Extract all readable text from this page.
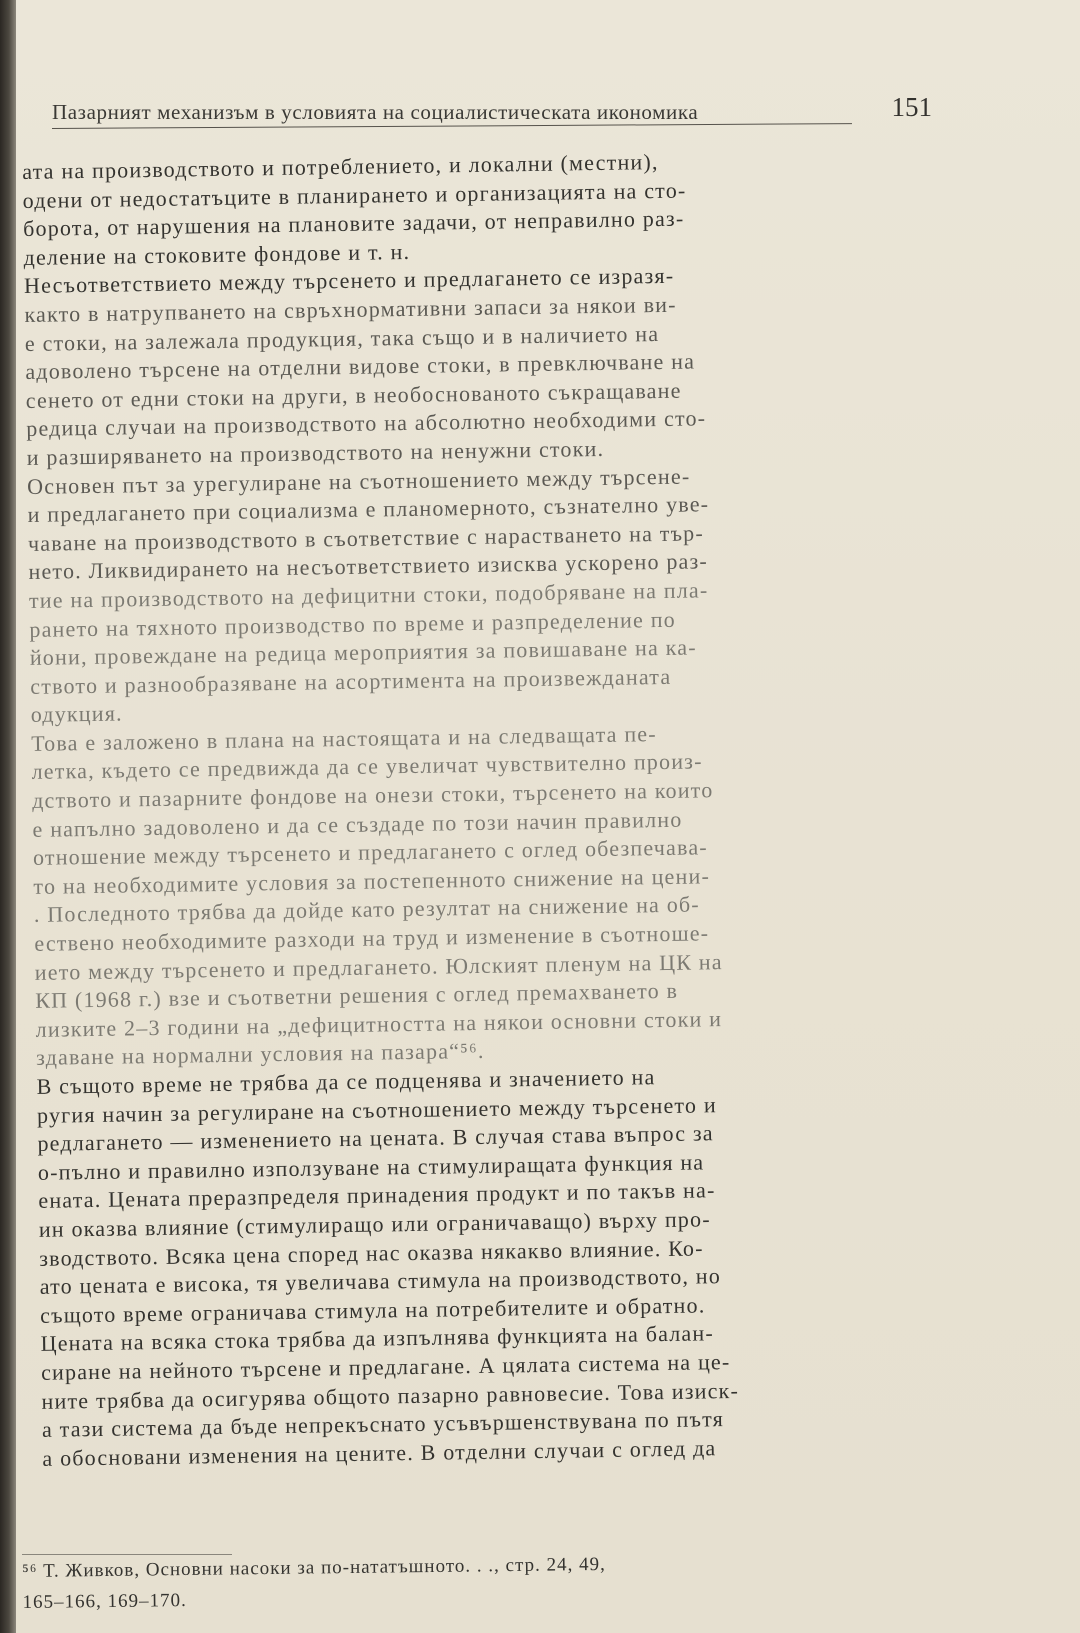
Пазарният механизъм в условията на социалистическата икономика	151
ата на производството и потреблението, и локални (местни),
одени от недостатъците в планирането и организацията на сто-
борота, от нарушения на плановите задачи, от неправилно раз-
деление на стоковите фондове и т. н.
Несъответствието между търсенето и предлагането се изразя-
както в натрупването на свръхнормативни запаси за някои ви-
е стоки, на залежала продукция, така също и в наличието на
адоволено търсене на отделни видове стоки, в превключване на
сенето от едни стоки на други, в необоснованото съкращаване
редица случаи на производството на абсолютно необходими сто-
и разширяването на производството на ненужни стоки.
Основен път за урегулиране на съотношението между търсене-
и предлагането при социализма е планомерното, съзнателно уве-
чаване на производството в съответствие с нарастването на тър-
нето. Ликвидирането на несъответствието изисква ускорено раз-
тие на производството на дефицитни стоки, подобряване на пла-
рането на тяхното производство по време и разпределение по
йони, провеждане на редица мероприятия за повишаване на ка-
ството и разнообразяване на асортимента на произвежданата
одукция.
Това е заложено в плана на настоящата и на следващата пе-
летка, където се предвижда да се увеличат чувствително произ-
дството и пазарните фондове на онези стоки, търсенето на които
е напълно задоволено и да се създаде по този начин правилно
отношение между търсенето и предлагането с оглед обезпечава-
то на необходимите условия за постепенното снижение на цени-
. Последното трябва да дойде като резултат на снижение на об-
ествено необходимите разходи на труд и изменение в съотноше-
ието между търсенето и предлагането. Юлският пленум на ЦК на
КП (1968 г.) взе и съответни решения с оглед премахването в
лизките 2–3 години на „дефицитността на някои основни стоки и
здаване на нормални условия на пазара“⁵⁶.
В същото време не трябва да се подценява и значението на
ругия начин за регулиране на съотношението между търсенето и
редлагането — изменението на цената. В случая става въпрос за
о-пълно и правилно използуване на стимулиращата функция на
ената. Цената преразпределя принадения продукт и по такъв на-
ин оказва влияние (стимулиращо или ограничаващо) върху про-
зводството. Всяка цена според нас оказва някакво влияние. Ко-
ато цената е висока, тя увеличава стимула на производството, но
същото време ограничава стимула на потребителите и обратно.
Цената на всяка стока трябва да изпълнява функцията на балан-
сиране на нейното търсене и предлагане. А цялата система на це-
ните трябва да осигурява общото пазарно равновесие. Това изиск-
а тази система да бъде непрекъснато усъвършенствувана по пътя
а обосновани изменения на цените. В отделни случаи с оглед да
⁵⁶ Т. Живков, Основни насоки за по-нататъшното. . ., стр. 24, 49,
165–166, 169–170.
